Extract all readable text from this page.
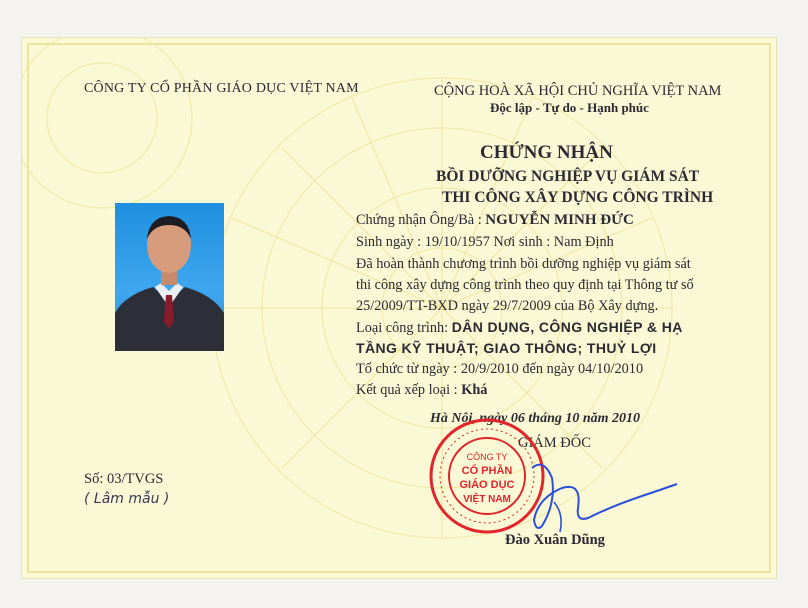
CÔNG TY CỔ PHẦN GIÁO DỤC VIỆT NAM	CỘNG HOÀ XÃ HỘI CHỦ NGHĨA VIỆT NAM
Độc lập - Tự do - Hạnh phúc
CHỨNG NHẬN
BỒI DƯỠNG NGHIỆP VỤ GIÁM SÁT
THI CÔNG XÂY DỰNG CÔNG TRÌNH
Chứng nhận Ông/Bà : NGUYỄN MINH ĐỨC
Sinh ngày : 19/10/1957 Nơi sinh : Nam Định
Đã hoàn thành chương trình bồi dưỡng nghiệp vụ giám sát
thi công xây dựng công trình theo quy định tại Thông tư số
25/2009/TT-BXD ngày 29/7/2009 của Bộ Xây dựng.
Loại công trình: DÂN DỤNG, CÔNG NGHIỆP & HẠ
TẦNG KỸ THUẬT; GIAO THÔNG; THUỶ LỢI
Tổ chức từ ngày : 20/9/2010 đến ngày 04/10/2010
Kết quả xếp loại : Khá
Hà Nội, ngày 06 tháng 10 năm 2010
GIÁM ĐỐC
CÔNG TY
CỔ PHẦN
GIÁO DỤC
VIỆT NAM
Số: 03/TVGS
( Lâm mẫu )
Đào Xuân Dũng
